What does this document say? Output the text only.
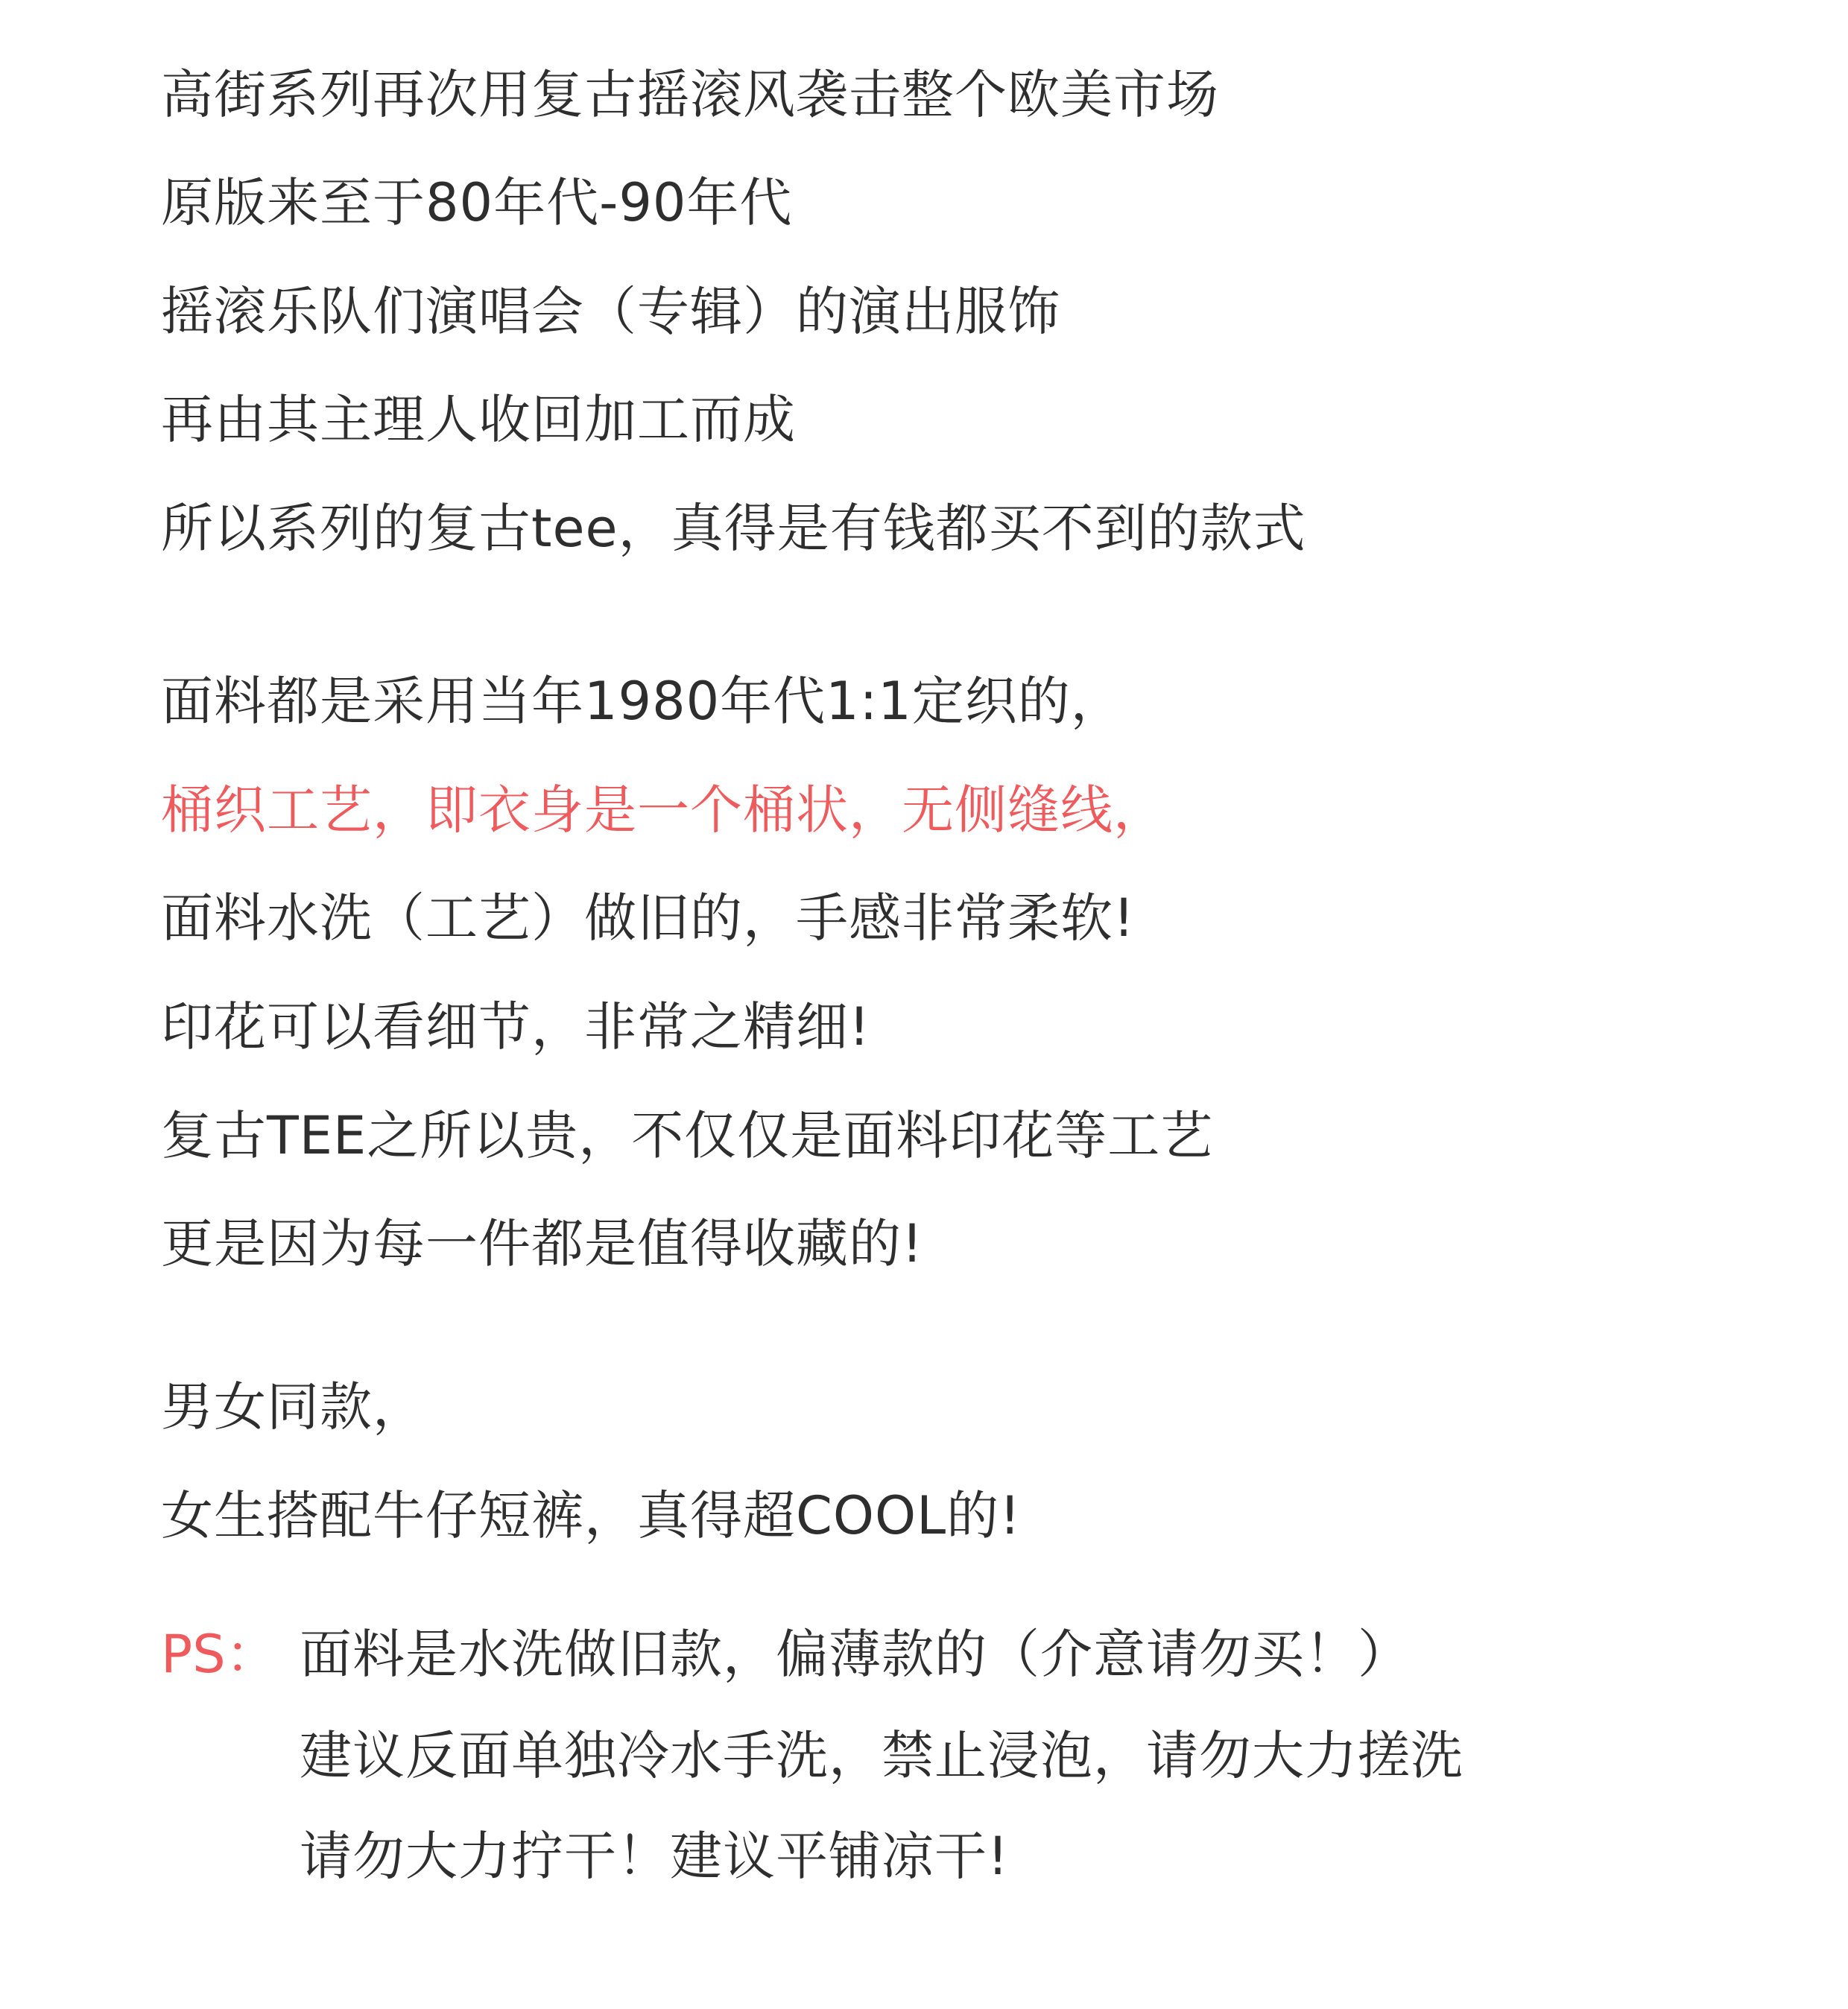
高街系列再次用复古摇滚风袭击整个欧美市场
原版来至于80年代-90年代
摇滚乐队们演唱会（专辑）的演出服饰
再由其主理人收回加工而成
所以系列的复古tee，真得是有钱都买不到的款式
面料都是采用当年1980年代1:1定织的，
桶织工艺，即衣身是一个桶状，无侧缝线，
面料水洗（工艺）做旧的，手感非常柔软!
印花可以看细节，非常之精细!
复古TEE之所以贵，不仅仅是面料印花等工艺
更是因为每一件都是值得收藏的!
男女同款，
女生搭配牛仔短裤，真得超COOL的!
PS： 面料是水洗做旧款，偏薄款的（介意请勿买！）
建议反面单独冷水手洗，禁止浸泡，请勿大力搓洗
请勿大力拧干！建议平铺凉干!
